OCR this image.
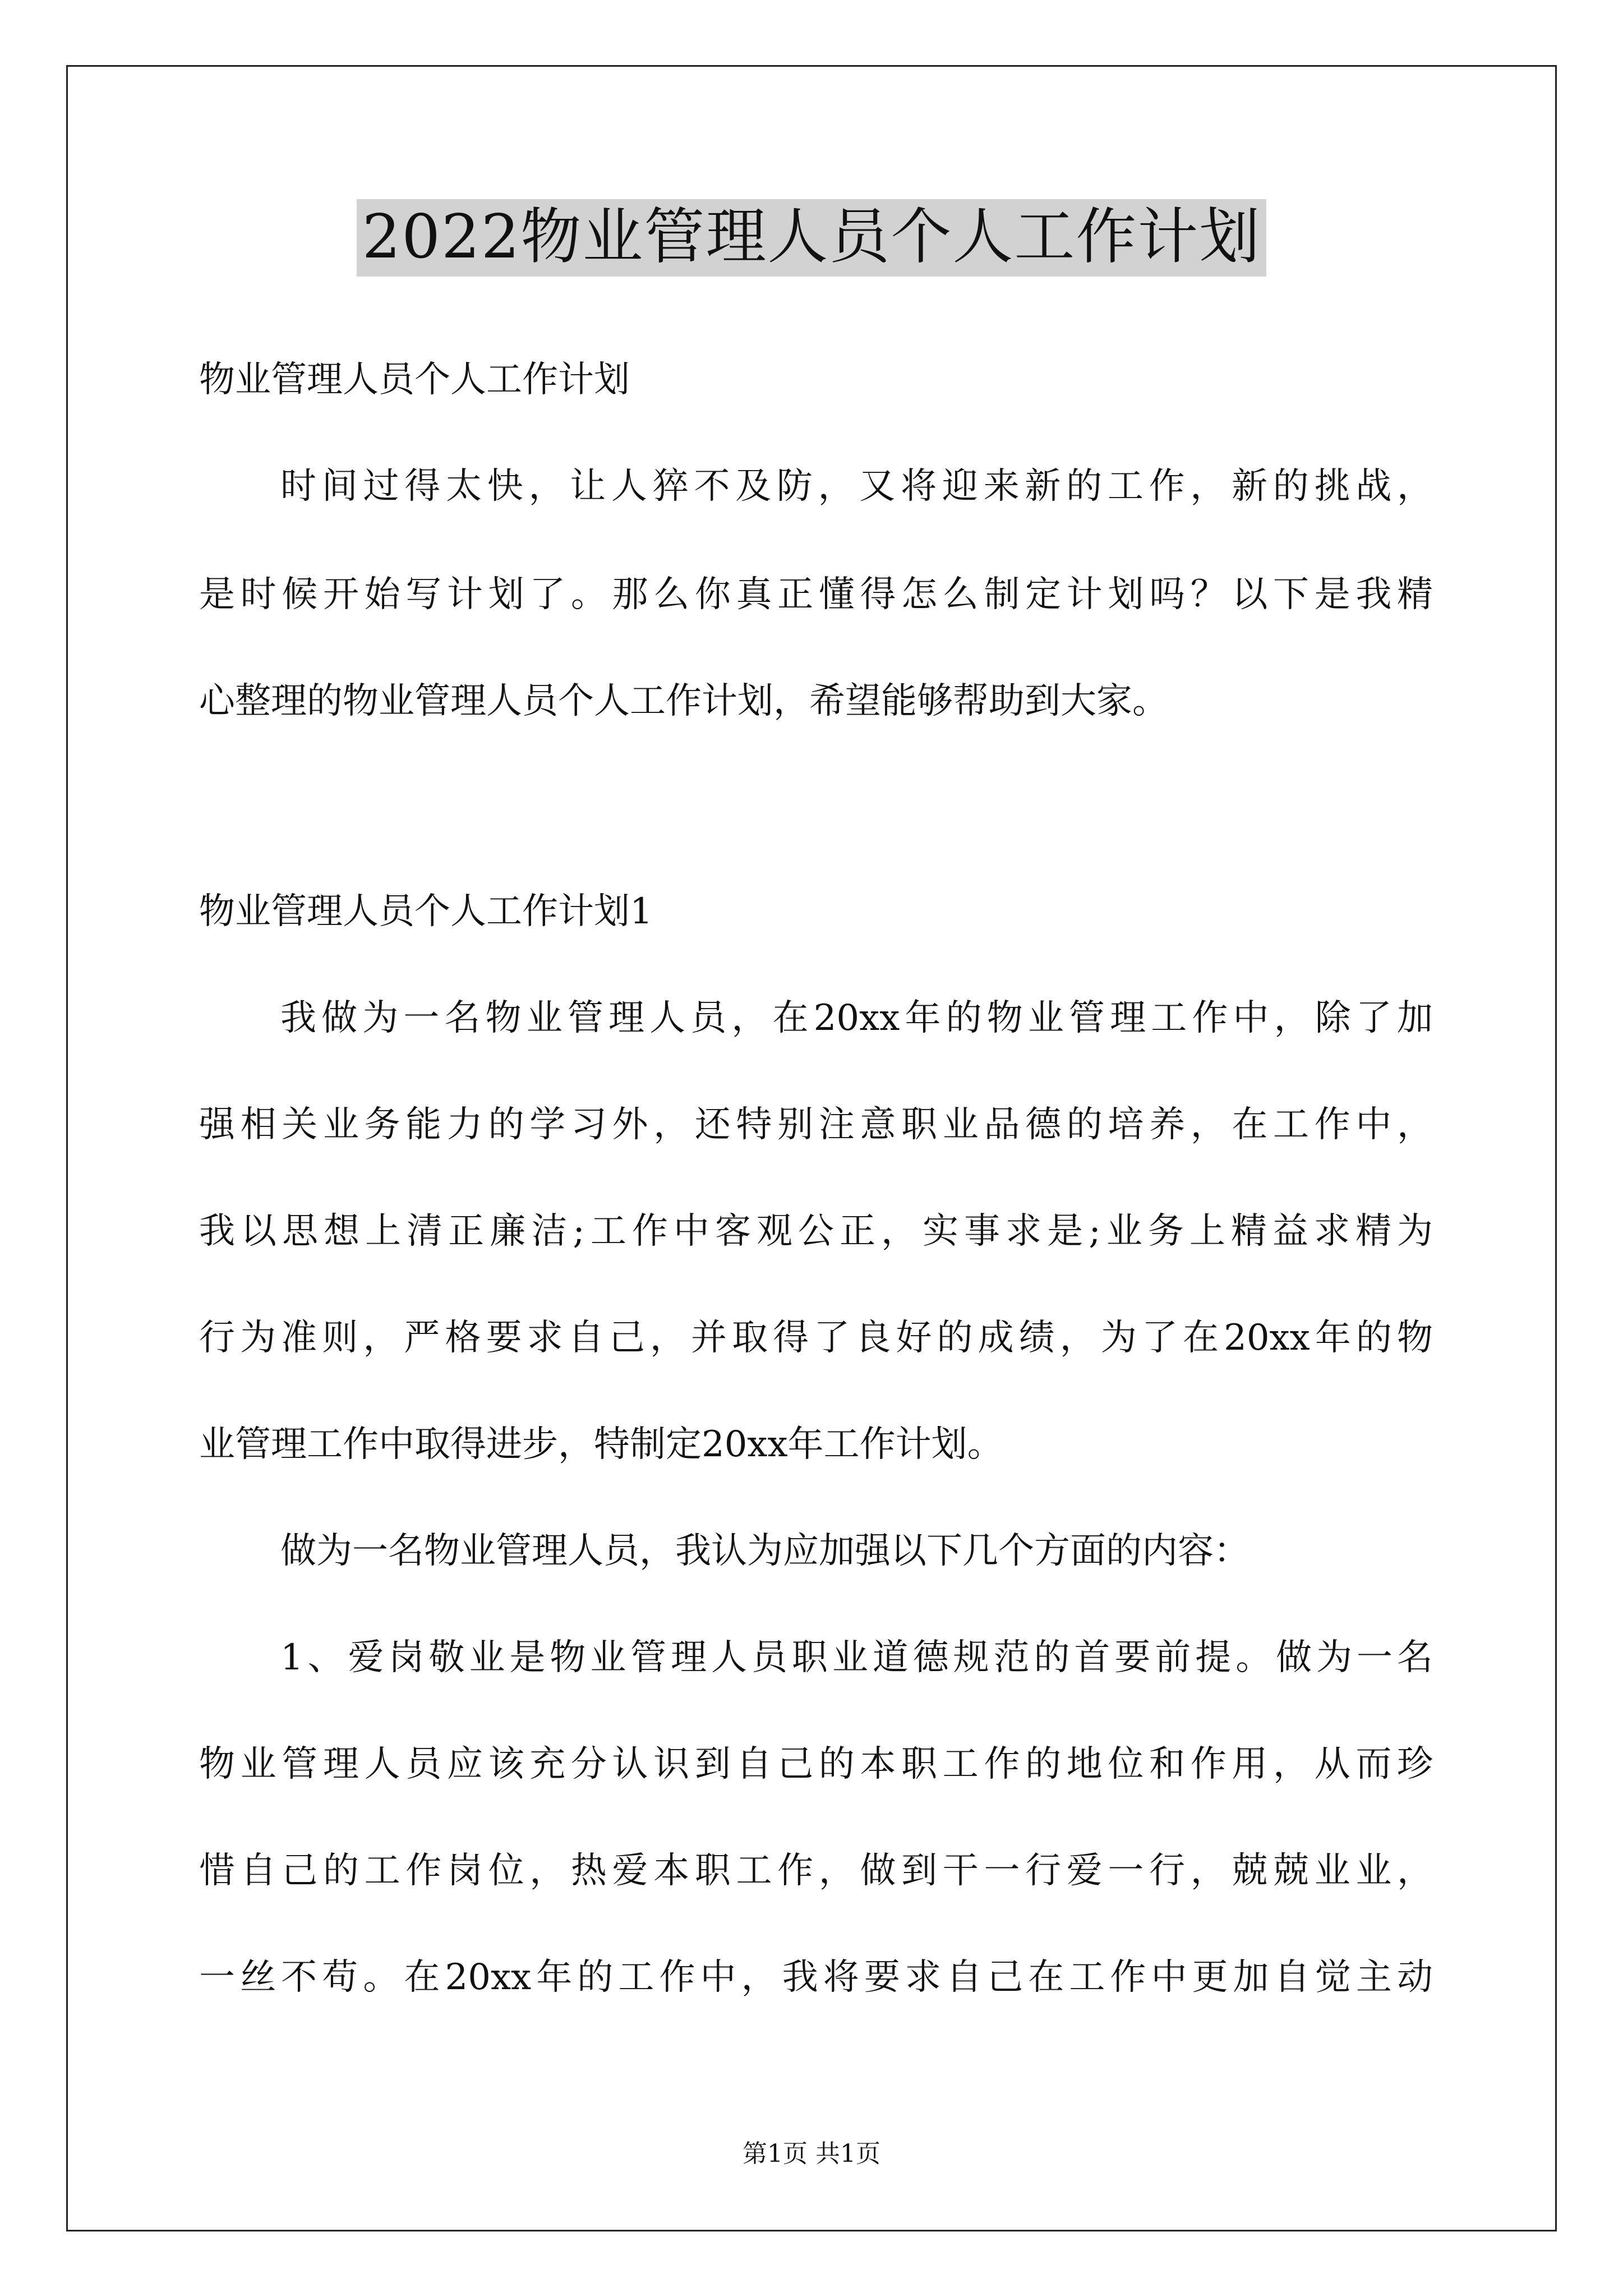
2022物业管理人员个人工作计划
物业管理人员个人工作计划
时间过得太快，让人猝不及防，又将迎来新的工作，新的挑战，
是时候开始写计划了。那么你真正懂得怎么制定计划吗？以下是我精
心整理的物业管理人员个人工作计划，希望能够帮助到大家。
物业管理人员个人工作计划1
我做为一名物业管理人员，在20xx年的物业管理工作中，除了加
强相关业务能力的学习外，还特别注意职业品德的培养，在工作中，
我以思想上清正廉洁;工作中客观公正，实事求是;业务上精益求精为
行为准则，严格要求自己，并取得了良好的成绩，为了在20xx年的物
业管理工作中取得进步，特制定20xx年工作计划。
做为一名物业管理人员，我认为应加强以下几个方面的内容：
1、爱岗敬业是物业管理人员职业道德规范的首要前提。做为一名
物业管理人员应该充分认识到自己的本职工作的地位和作用，从而珍
惜自己的工作岗位，热爱本职工作，做到干一行爱一行，兢兢业业，
一丝不苟。在20xx年的工作中，我将要求自己在工作中更加自觉主动
第1页 共1页
